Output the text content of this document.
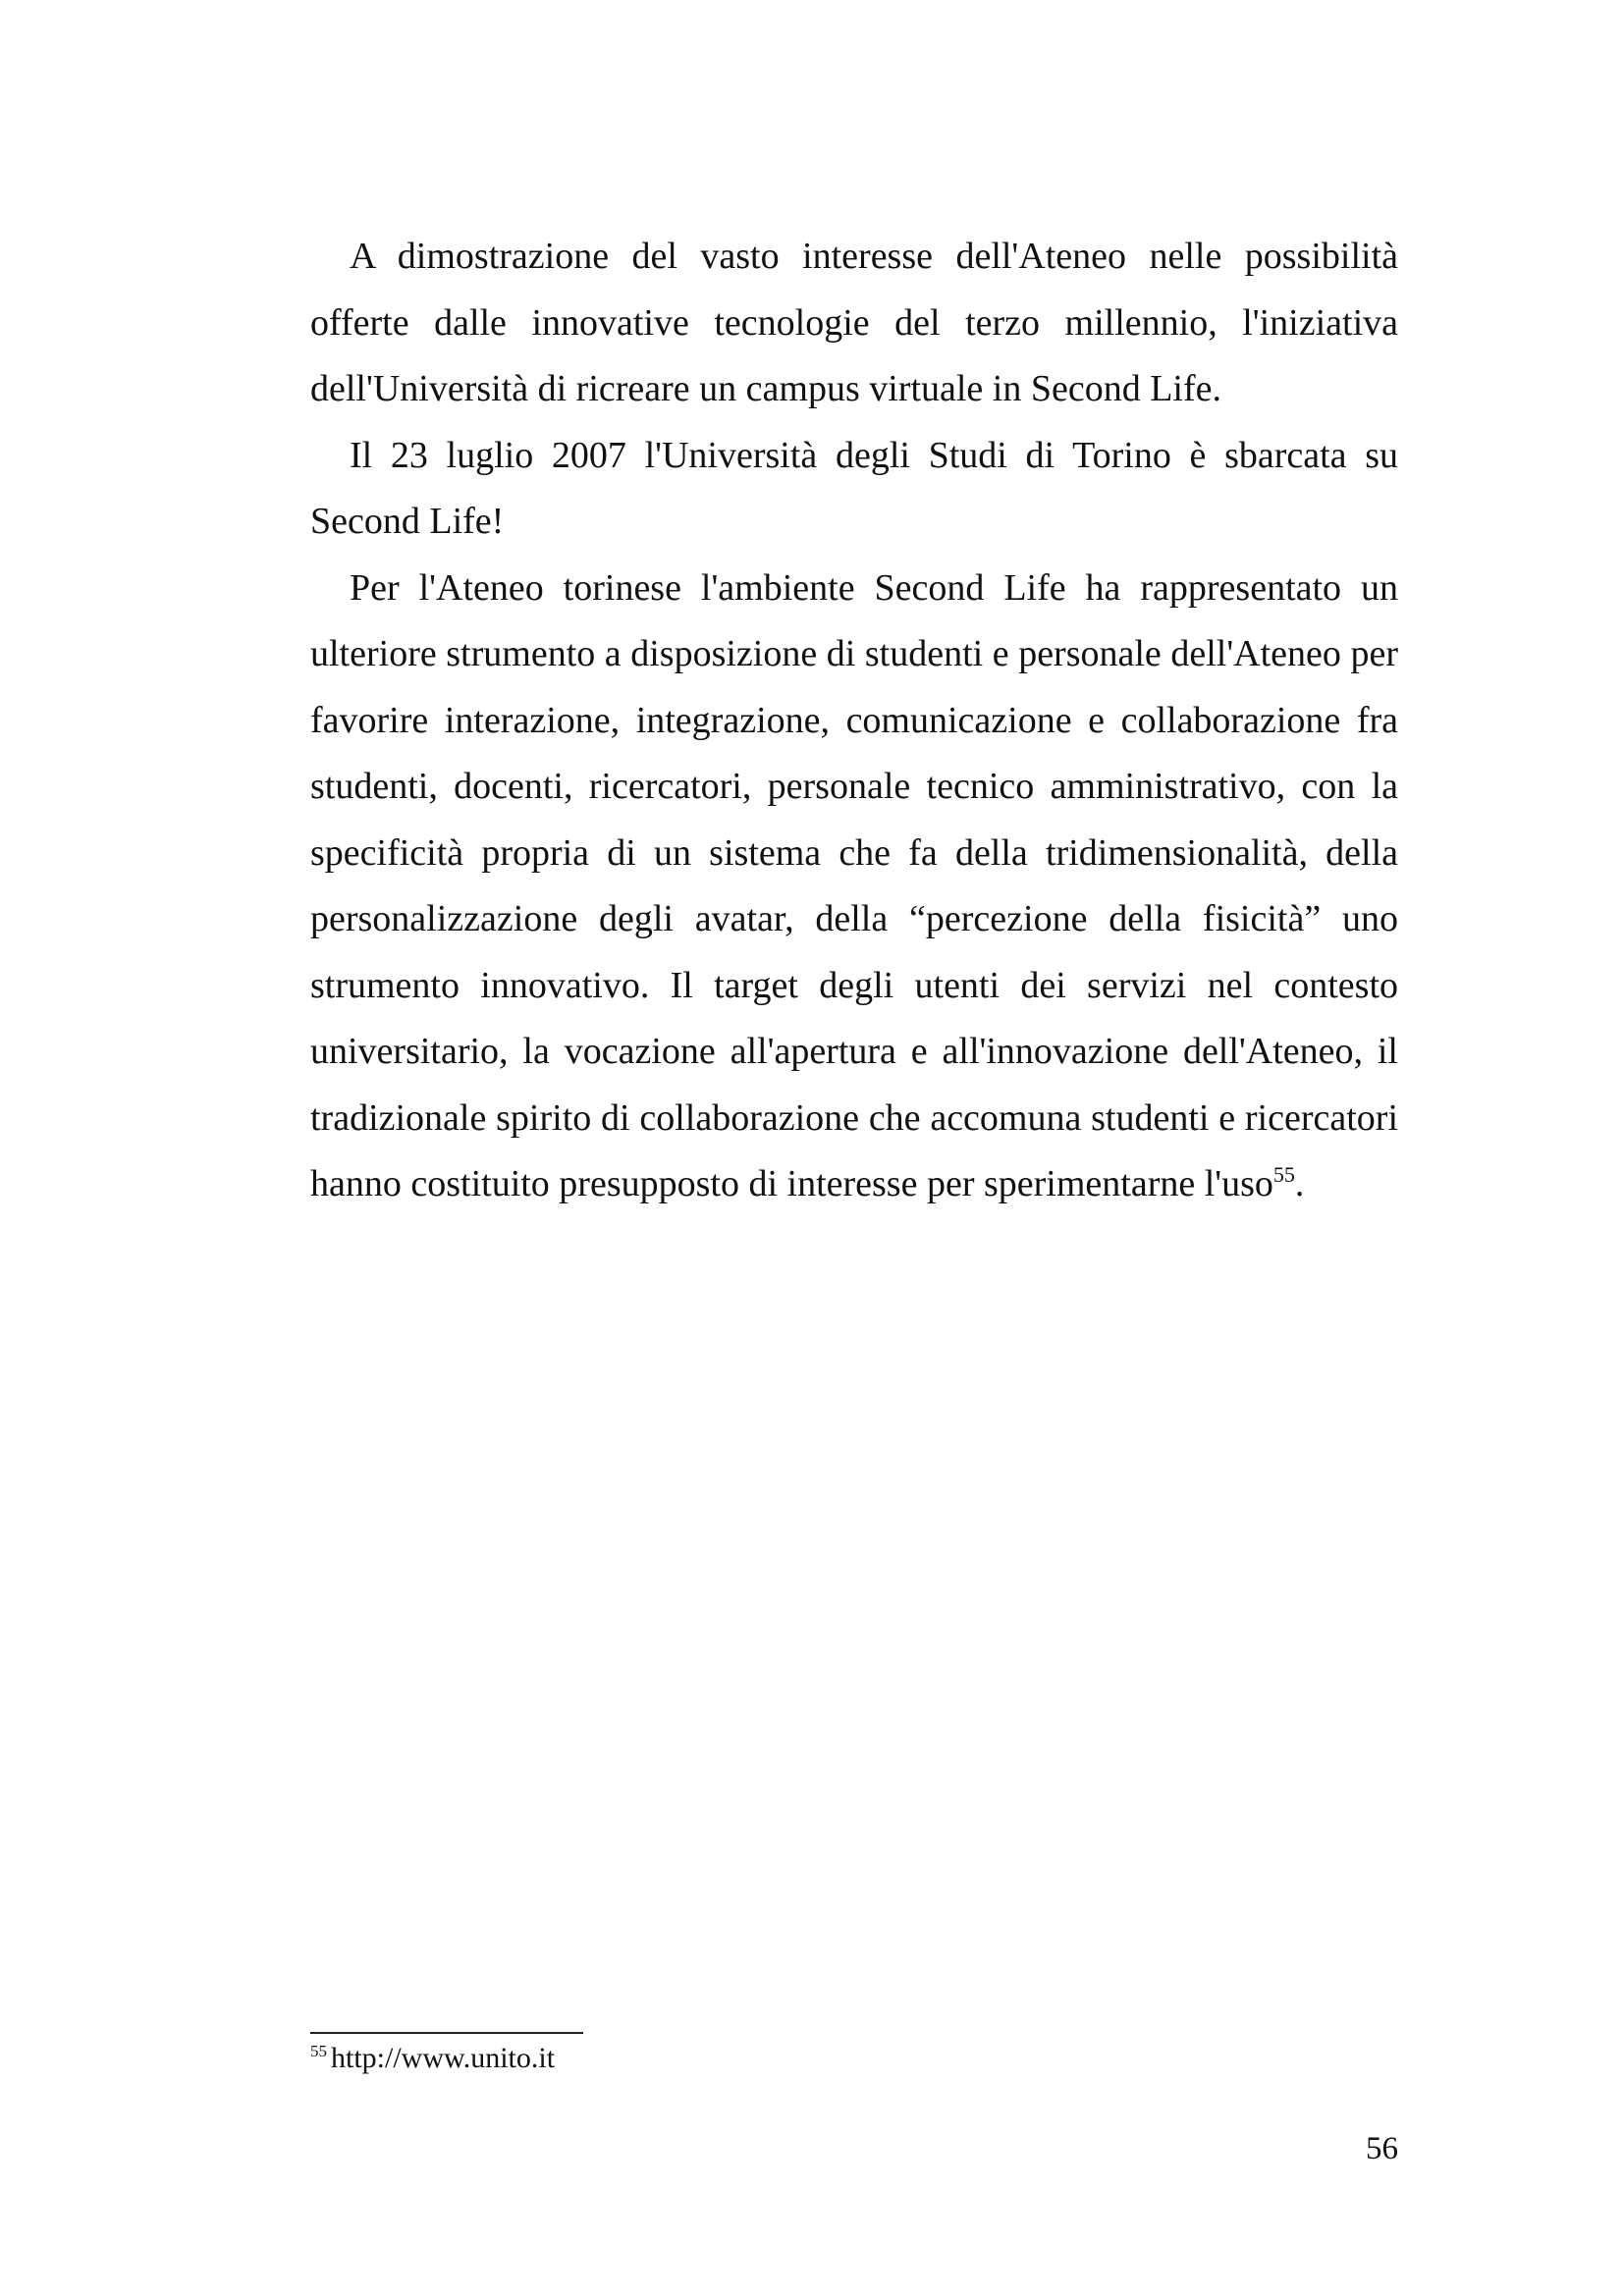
A dimostrazione del vasto interesse dell'Ateneo nelle possibilità offerte dalle innovative tecnologie del terzo millennio, l'iniziativa dell'Università di ricreare un campus virtuale in Second Life.

Il 23 luglio 2007 l'Università degli Studi di Torino è sbarcata su Second Life!

Per l'Ateneo torinese l'ambiente Second Life ha rappresentato un ulteriore strumento a disposizione di studenti e personale dell'Ateneo per favorire interazione, integrazione, comunicazione e collaborazione fra studenti, docenti, ricercatori, personale tecnico amministrativo, con la specificità propria di un sistema che fa della tridimensionalità, della personalizzazione degli avatar, della “percezione della fisicità” uno strumento innovativo. Il target degli utenti dei servizi nel contesto universitario, la vocazione all'apertura e all'innovazione dell'Ateneo, il tradizionale spirito di collaborazione che accomuna studenti e ricercatori hanno costituito presupposto di interesse per sperimentarne l'uso$^{55}$.

$^{55}$ http://www.unito.it
56
